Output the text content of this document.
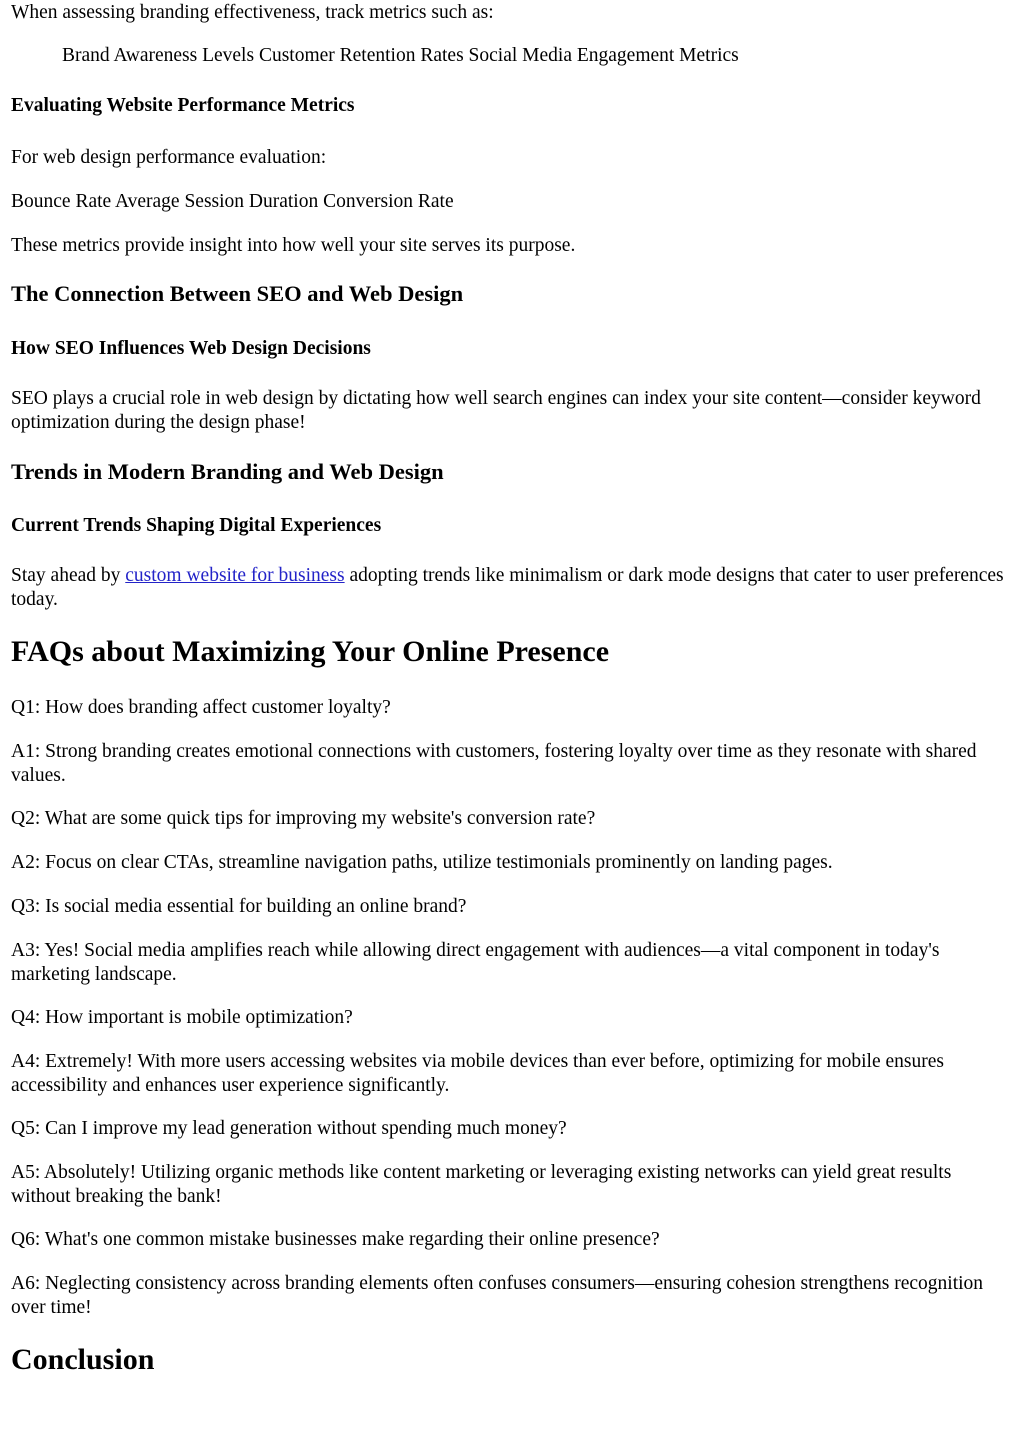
When assessing branding effectiveness, track metrics such as:

Brand Awareness Levels Customer Retention Rates Social Media Engagement Metrics

Evaluating Website Performance Metrics

For web design performance evaluation:

Bounce Rate Average Session Duration Conversion Rate

These metrics provide insight into how well your site serves its purpose.

The Connection Between SEO and Web Design
How SEO Influences Web Design Decisions

SEO plays a crucial role in web design by dictating how well search engines can index your site content—consider keyword optimization during the design phase!

Trends in Modern Branding and Web Design
Current Trends Shaping Digital Experiences

Stay ahead by custom website for business adopting trends like minimalism or dark mode designs that cater to user preferences today.

FAQs about Maximizing Your Online Presence

Q1: How does branding affect customer loyalty?

A1: Strong branding creates emotional connections with customers, fostering loyalty over time as they resonate with shared values.

Q2: What are some quick tips for improving my website's conversion rate?

A2: Focus on clear CTAs, streamline navigation paths, utilize testimonials prominently on landing pages.

Q3: Is social media essential for building an online brand?

A3: Yes! Social media amplifies reach while allowing direct engagement with audiences—a vital component in today's marketing landscape.

Q4: How important is mobile optimization?

A4: Extremely! With more users accessing websites via mobile devices than ever before, optimizing for mobile ensures accessibility and enhances user experience significantly.

Q5: Can I improve my lead generation without spending much money?

A5: Absolutely! Utilizing organic methods like content marketing or leveraging existing networks can yield great results without breaking the bank!

Q6: What's one common mistake businesses make regarding their online presence?

A6: Neglecting consistency across branding elements often confuses consumers—ensuring cohesion strengthens recognition over time!

Conclusion
